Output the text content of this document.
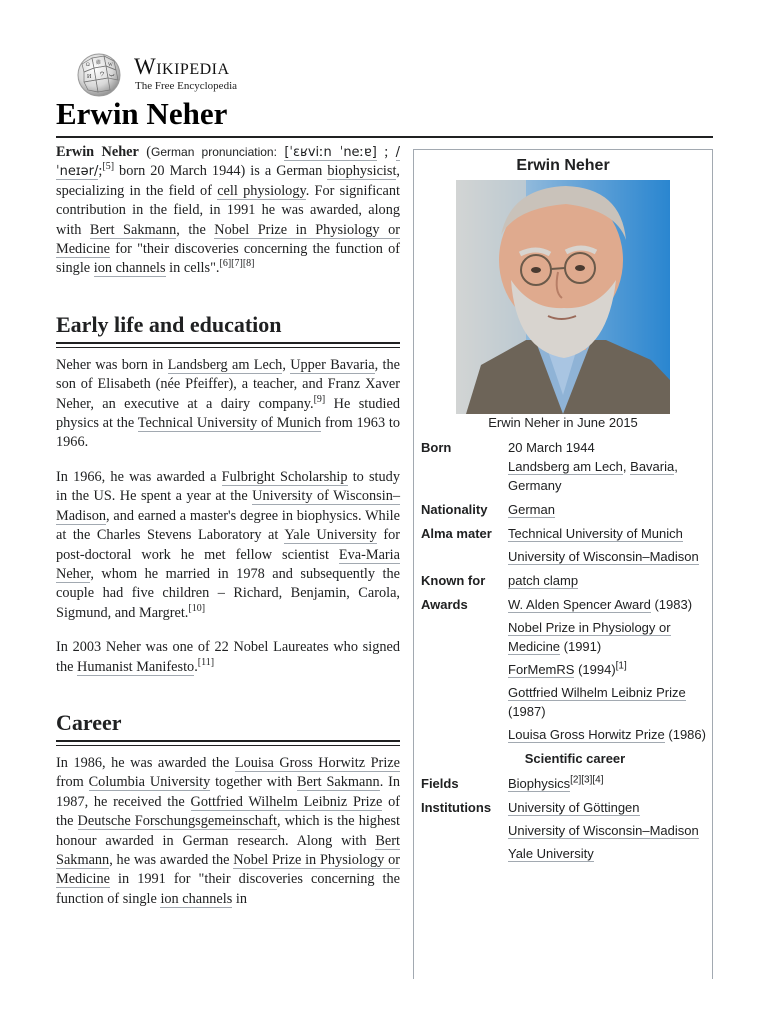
Ω 維 W
И ウ ب Wikipedia
The Free Encyclopedia
Erwin Neher

Erwin Neher (German pronunciation: [ˈɛʁviːn ˈneːɐ] ; /ˈneɪər/;[5] born 20 March 1944) is a German biophysicist, specializing in the field of cell physiology. For significant contribution in the field, in 1991 he was awarded, along with Bert Sakmann, the Nobel Prize in Physiology or Medicine for "their discoveries concerning the function of single ion channels in cells".[6][7][8]

Early life and education

Neher was born in Landsberg am Lech, Upper Bavaria, the son of Elisabeth (née Pfeiffer), a teacher, and Franz Xaver Neher, an executive at a dairy company.[9] He studied physics at the Technical University of Munich from 1963 to 1966.

In 1966, he was awarded a Fulbright Scholarship to study in the US. He spent a year at the University of Wisconsin–Madison, and earned a master's degree in biophysics. While at the Charles Stevens Laboratory at Yale University for post-doctoral work he met fellow scientist Eva-Maria Neher, whom he married in 1978 and subsequently the couple had five children – Richard, Benjamin, Carola, Sigmund, and Margret.[10]

In 2003 Neher was one of 22 Nobel Laureates who signed the Humanist Manifesto.[11]

Career

In 1986, he was awarded the Louisa Gross Horwitz Prize from Columbia University together with Bert Sakmann. In 1987, he received the Gottfried Wilhelm Leibniz Prize of the Deutsche Forschungsgemeinschaft, which is the highest honour awarded in German research. Along with Bert Sakmann, he was awarded the Nobel Prize in Physiology or Medicine in 1991 for "their discoveries concerning the function of single ion channels in

Erwin Neher
Erwin Neher in June 2015
Born	20 March 1944
Landsberg am Lech, Bavaria, Germany
Nationality	German
Alma mater	Technical University of Munich
University of Wisconsin–Madison
Known for	patch clamp
Awards	W. Alden Spencer Award (1983)
Nobel Prize in Physiology or Medicine (1991)
ForMemRS (1994)[1]
Gottfried Wilhelm Leibniz Prize (1987)
Louisa Gross Horwitz Prize (1986)
Scientific career
Fields	Biophysics[2][3][4]
Institutions	University of Göttingen
University of Wisconsin–Madison
Yale University
